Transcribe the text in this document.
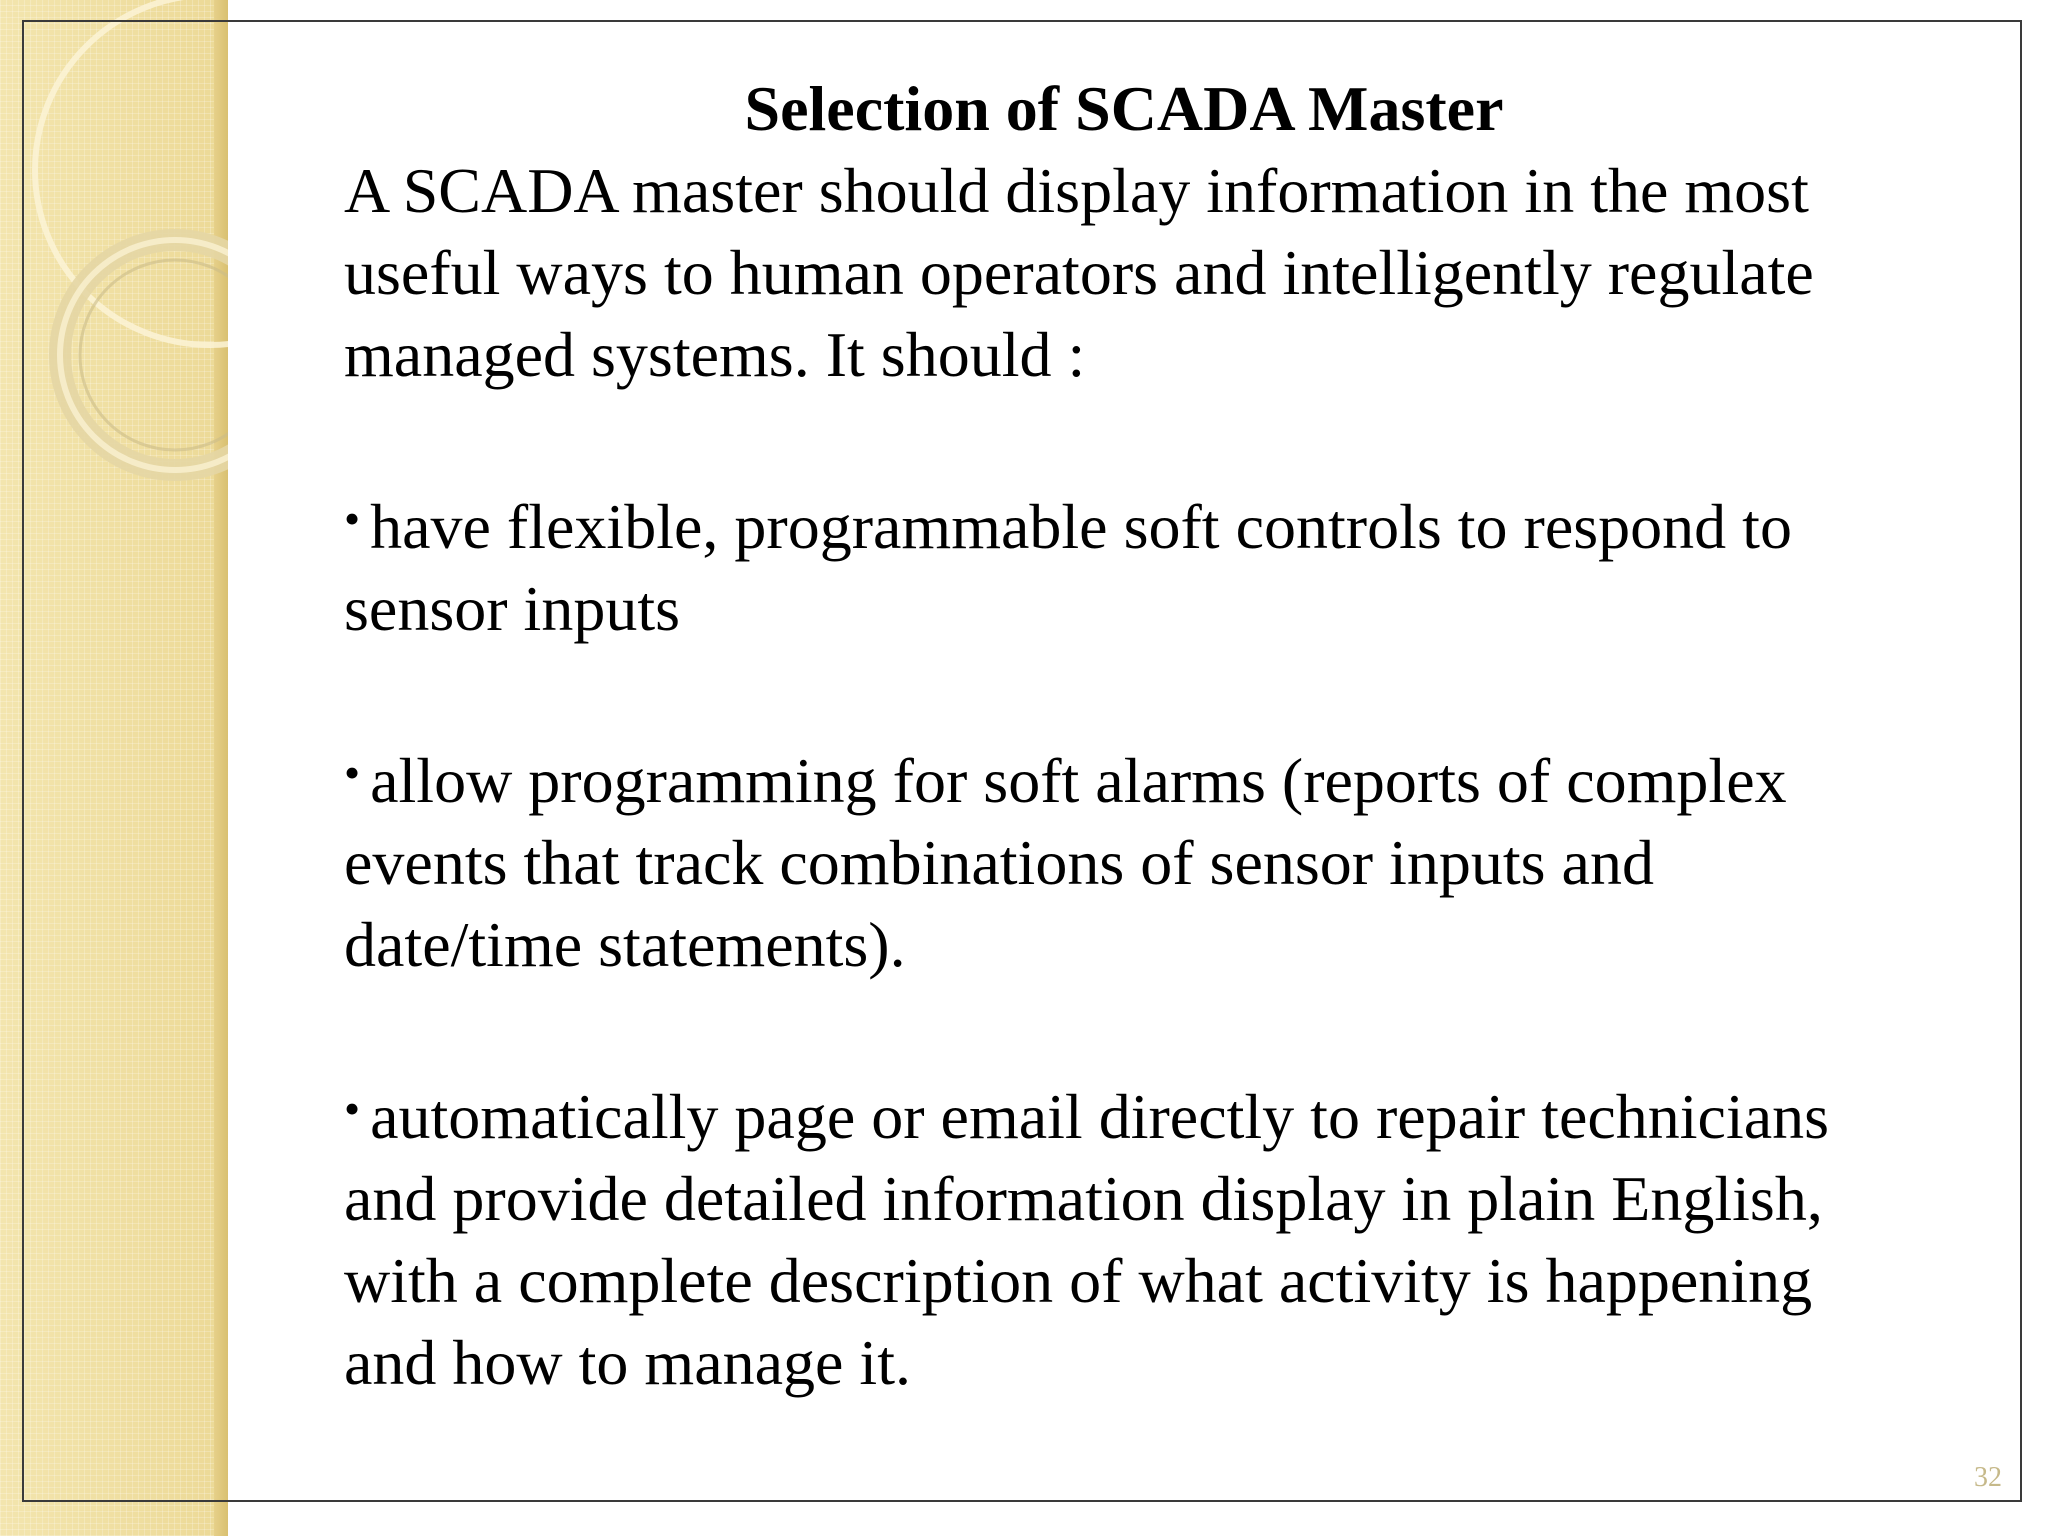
Selection of SCADA Master

A SCADA master should display information in the most useful ways to human operators and intelligently regulate managed systems. It should :

• have flexible, programmable soft controls to respond to sensor inputs

• allow programming for soft alarms (reports of complex events that track combinations of sensor inputs and date/time statements).

• automatically page or email directly to repair technicians and provide detailed information display in plain English, with a complete description of what activity is happening and how to manage it.

32
